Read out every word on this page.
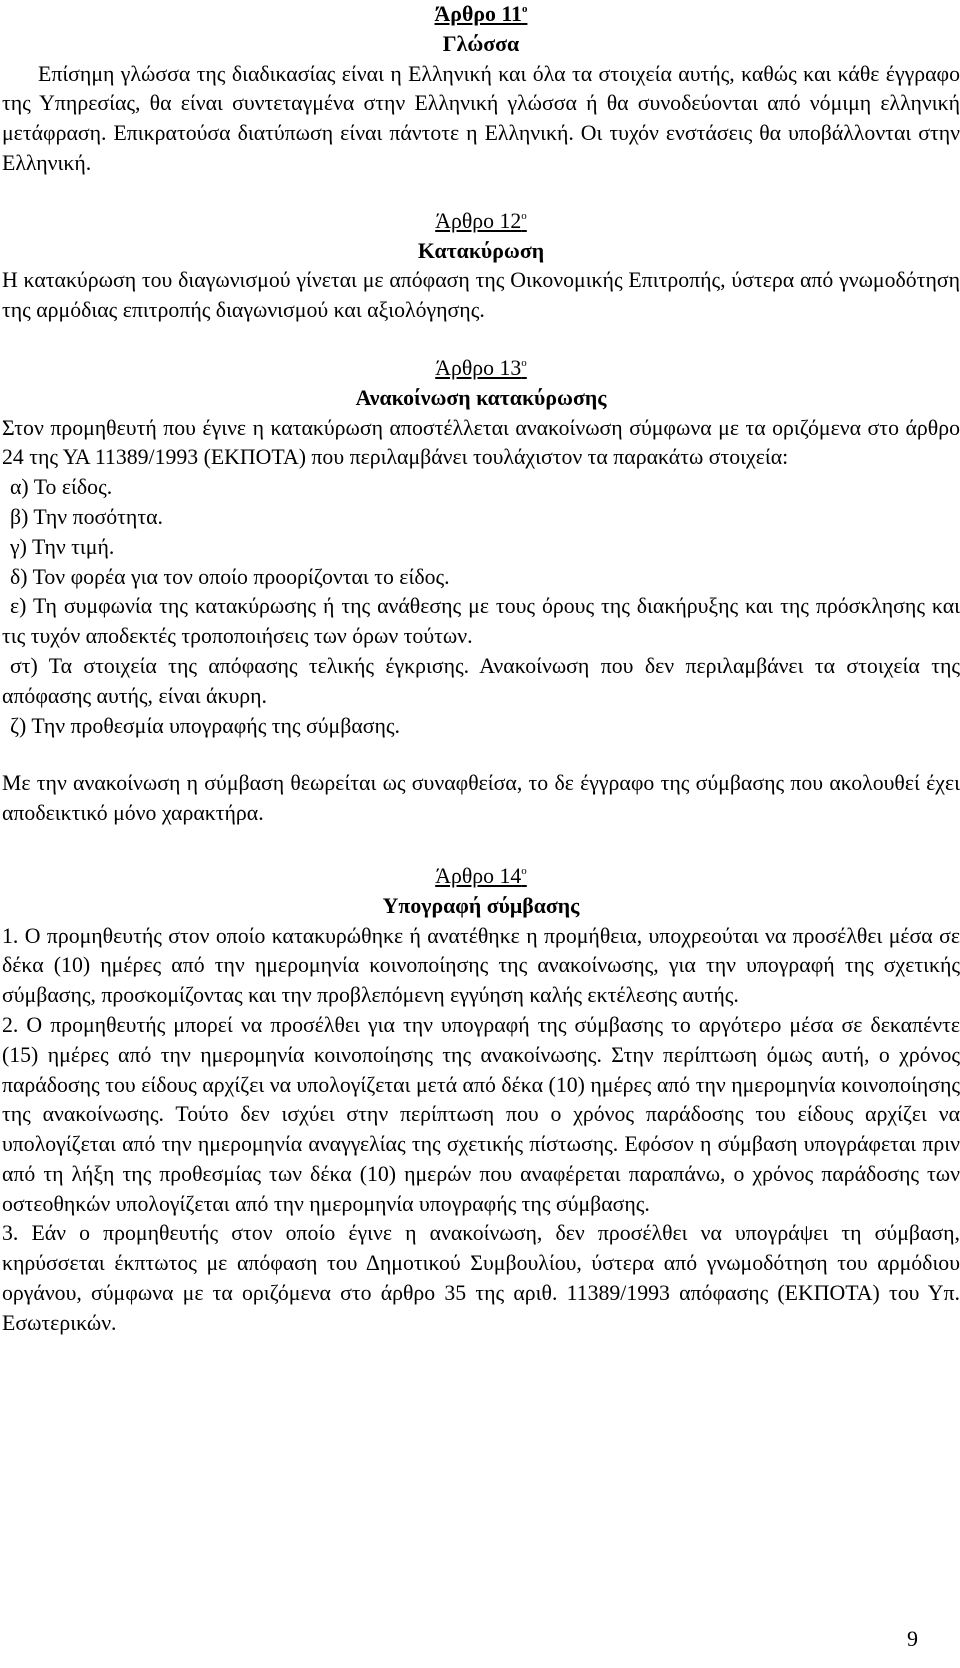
Άρθρο $11^o$
Γλώσσα

Επίσημη γλώσσα της διαδικασίας είναι η Ελληνική και όλα τα στοιχεία αυτής, καθώς και κάθε έγγραφο της Υπηρεσίας, θα είναι συντεταγμένα στην Ελληνική γλώσσα ή θα συνοδεύονται από νόμιμη ελληνική μετάφραση. Επικρατούσα διατύπωση είναι πάντοτε η Ελληνική. Οι τυχόν ενστάσεις θα υποβάλλονται στην Ελληνική.

Άρθρο $12^o$
Κατακύρωση

Η κατακύρωση του διαγωνισμού γίνεται με απόφαση της Οικονομικής Επιτροπής, ύστερα από γνωμοδότηση της αρμόδιας επιτροπής διαγωνισμού και αξιολόγησης.

Άρθρο $13^o$
Ανακοίνωση κατακύρωσης

Στον προμηθευτή που έγινε η κατακύρωση αποστέλλεται ανακοίνωση σύμφωνα με τα οριζόμενα στο άρθρο 24 της ΥΑ 11389/1993 (ΕΚΠΟΤΑ) που περιλαμβάνει τουλάχιστον τα παρακάτω στοιχεία:

α) Το είδος.

β) Την ποσότητα.

γ) Την τιμή.

δ) Τον φορέα για τον οποίο προορίζονται το είδος.

ε) Τη συμφωνία της κατακύρωσης ή της ανάθεσης με τους όρους της διακήρυξης και της πρόσκλησης και τις τυχόν αποδεκτές τροποποιήσεις των όρων τούτων.

στ) Τα στοιχεία της απόφασης τελικής έγκρισης. Ανακοίνωση που δεν περιλαμβάνει τα στοιχεία της απόφασης αυτής, είναι άκυρη.

ζ) Την προθεσμία υπογραφής της σύμβασης.

Με την ανακοίνωση η σύμβαση θεωρείται ως συναφθείσα, το δε έγγραφο της σύμβασης που ακολουθεί έχει αποδεικτικό μόνο χαρακτήρα.

Άρθρο $14^o$
Υπογραφή σύμβασης

1. Ο προμηθευτής στον οποίο κατακυρώθηκε ή ανατέθηκε η προμήθεια, υποχρεούται να προσέλθει μέσα σε δέκα (10) ημέρες από την ημερομηνία κοινοποίησης της ανακοίνωσης, για την υπογραφή της σχετικής σύμβασης, προσκομίζοντας και την προβλεπόμενη εγγύηση καλής εκτέλεσης αυτής.

2. Ο προμηθευτής μπορεί να προσέλθει για την υπογραφή της σύμβασης το αργότερο μέσα σε δεκαπέντε (15) ημέρες από την ημερομηνία κοινοποίησης της ανακοίνωσης. Στην περίπτωση όμως αυτή, ο χρόνος παράδοσης του είδους αρχίζει να υπολογίζεται μετά από δέκα (10) ημέρες από την ημερομηνία κοινοποίησης της ανακοίνωσης. Τούτο δεν ισχύει στην περίπτωση που ο χρόνος παράδοσης του είδους αρχίζει να υπολογίζεται από την ημερομηνία αναγγελίας της σχετικής πίστωσης. Εφόσον η σύμβαση υπογράφεται πριν από τη λήξη της προθεσμίας των δέκα (10) ημερών που αναφέρεται παραπάνω, ο χρόνος παράδοσης των οστεοθηκών υπολογίζεται από την ημερομηνία υπογραφής της σύμβασης.

3. Εάν ο προμηθευτής στον οποίο έγινε η ανακοίνωση, δεν προσέλθει να υπογράψει τη σύμβαση, κηρύσσεται έκπτωτος με απόφαση του Δημοτικού Συμβουλίου, ύστερα από γνωμοδότηση του αρμόδιου οργάνου, σύμφωνα με τα οριζόμενα στο άρθρο 35 της αριθ. 11389/1993 απόφασης (ΕΚΠΟΤΑ) του Υπ. Εσωτερικών.

9
